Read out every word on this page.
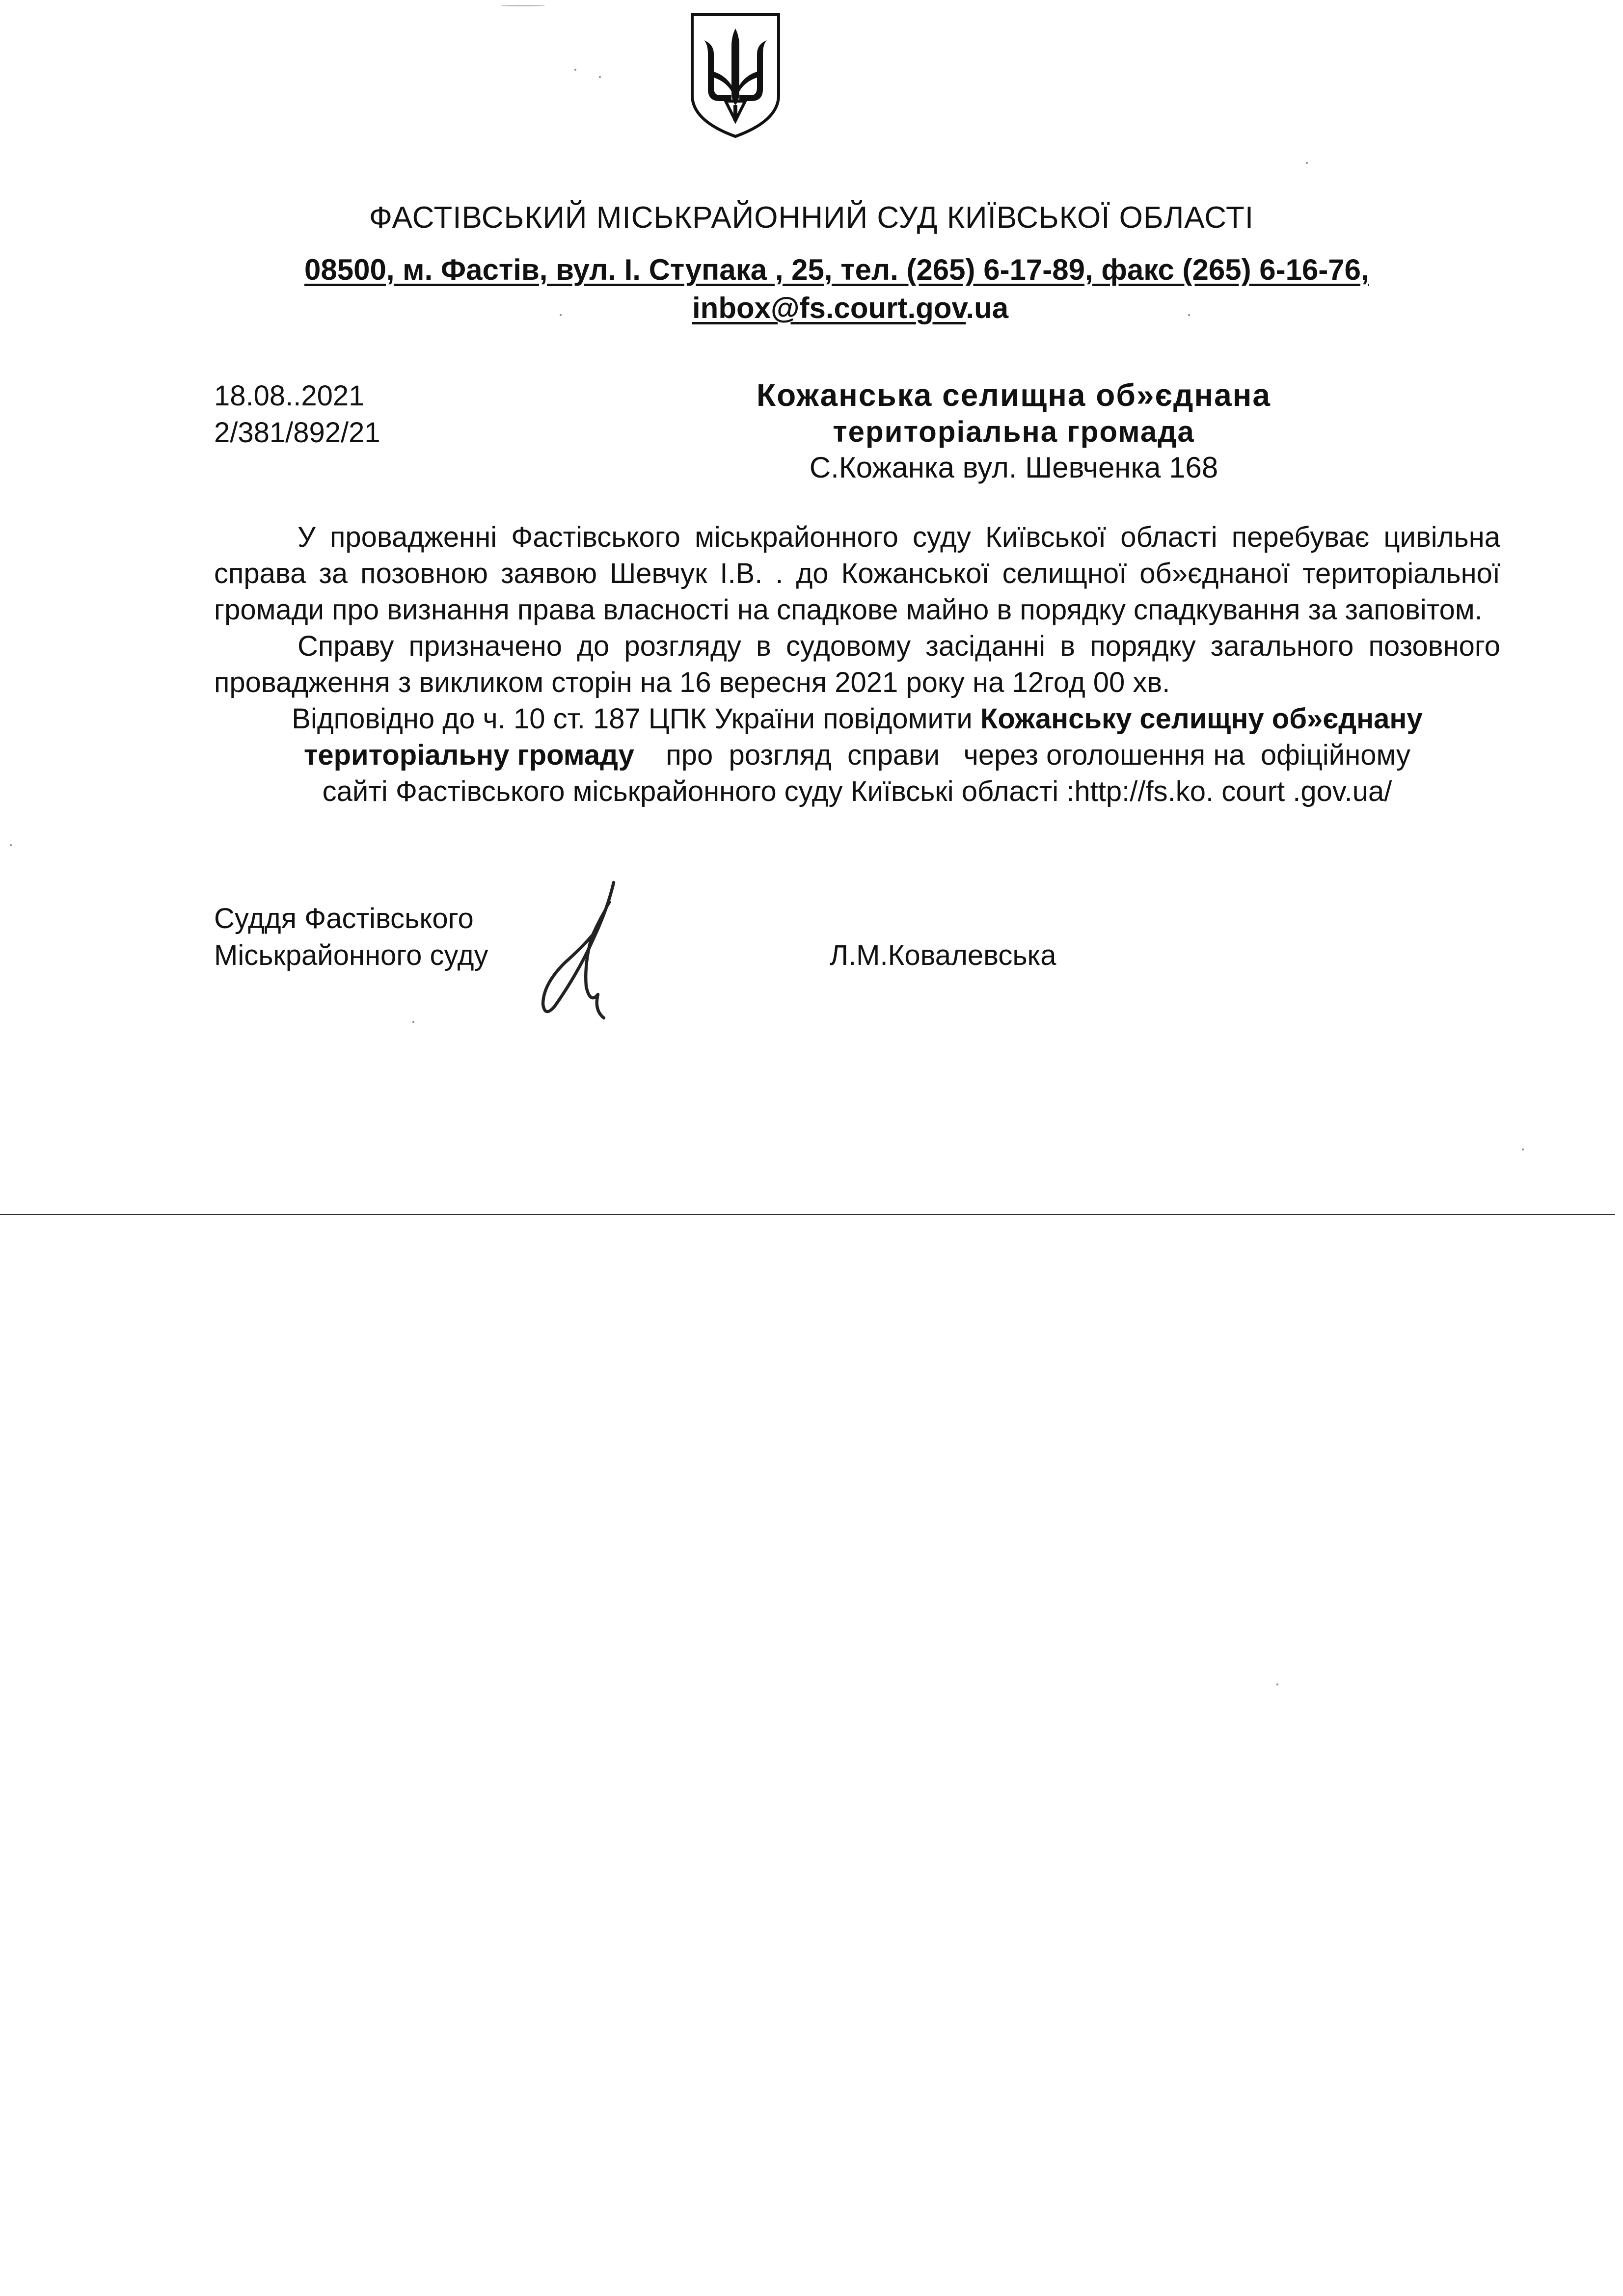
ФАСТІВСЬКИЙ МІСЬКРАЙОННИЙ СУД КИЇВСЬКОЇ ОБЛАСТІ
08500, м. Фастів, вул. І. Ступака , 25, тел. (265) 6-17-89, факс (265) 6-16-76,
inbox@fs.court.gov.ua
18.08..2021
2/381/892/21
Кожанська селищна об»єднана
територіальна громада
С.Кожанка вул. Шевченка 168

У провадженні Фастівського міськрайонного суду Київської області перебуває цивільна справа за позовною заявою Шевчук І.В. . до Кожанської селищної об»єднаної територіальної громади про визнання права власності на спадкове майно в порядку спадкування за заповітом.

Справу призначено до розгляду в судовому засіданні в порядку загального позовного провадження з викликом сторін на 16 вересня 2021 року на 12год 00 хв.

Відповідно до ч. 10 ст. 187 ЦПК України повідомити Кожанську селищну об»єднану
територіальну громаду    про  розгляд  справи   через оголошення на  офіційному
сайті Фастівського міськрайонного суду Київські області :http://fs.ko. court .gov.ua/

Суддя Фастівського
Міськрайонного суду	Л.М.Ковалевська
